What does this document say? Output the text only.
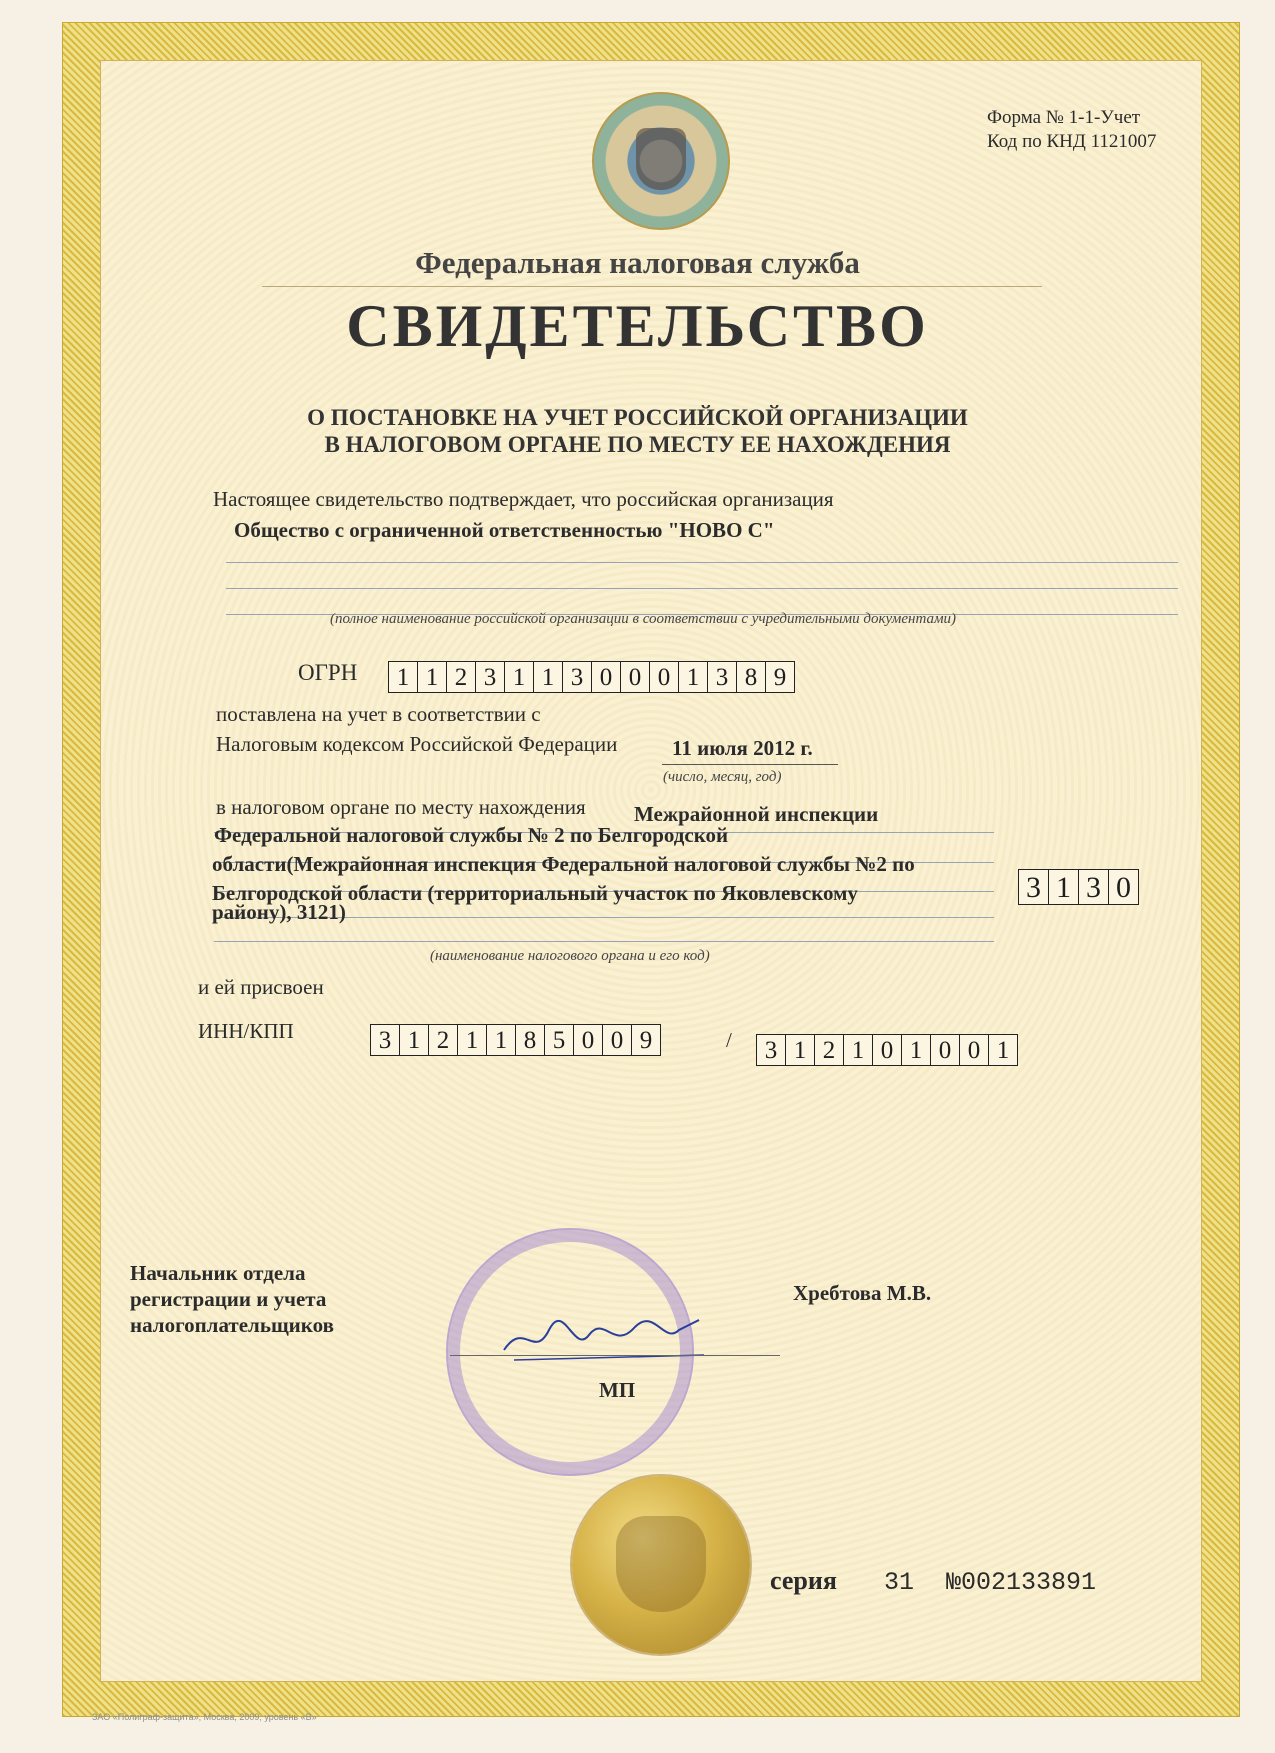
Форма № 1-1-Учет
Код по КНД 1121007
Федеральная налоговая служба
СВИДЕТЕЛЬСТВО
О ПОСТАНОВКЕ НА УЧЕТ РОССИЙСКОЙ ОРГАНИЗАЦИИ
В НАЛОГОВОМ ОРГАНЕ ПО МЕСТУ ЕЕ НАХОЖДЕНИЯ
Настоящее свидетельство подтверждает, что российская организация
Общество с ограниченной ответственностью "НОВО С"
(полное наименование российской организации в соответствии с учредительными документами)
ОГРН	1 1 2 3 1 1 3 0 0 0 1 3 8 9
поставлена на учет в соответствии с
Налоговым кодексом Российской Федерации	11 июля 2012 г.
(число, месяц, год)
в налоговом органе по месту нахождения Межрайонной инспекции
Федеральной налоговой службы № 2 по Белгородской
области(Межрайонная инспекция Федеральной налоговой службы №2 по
Белгородской области (территориальный участок по Яковлевскому
району), 3121)
3 1 3 0
(наименование налогового органа и его код)
и ей присвоен
ИНН/КПП	3 1 2 1 1 8 5 0 0 9	/	3 1 2 1 0 1 0 0 1
Начальник отдела
регистрации и учета
налогоплательщиков
Хребтова М.В.
МП
серия 31 №002133891
ЗАО «Полиграф-защита», Москва, 2009, уровень «В»
